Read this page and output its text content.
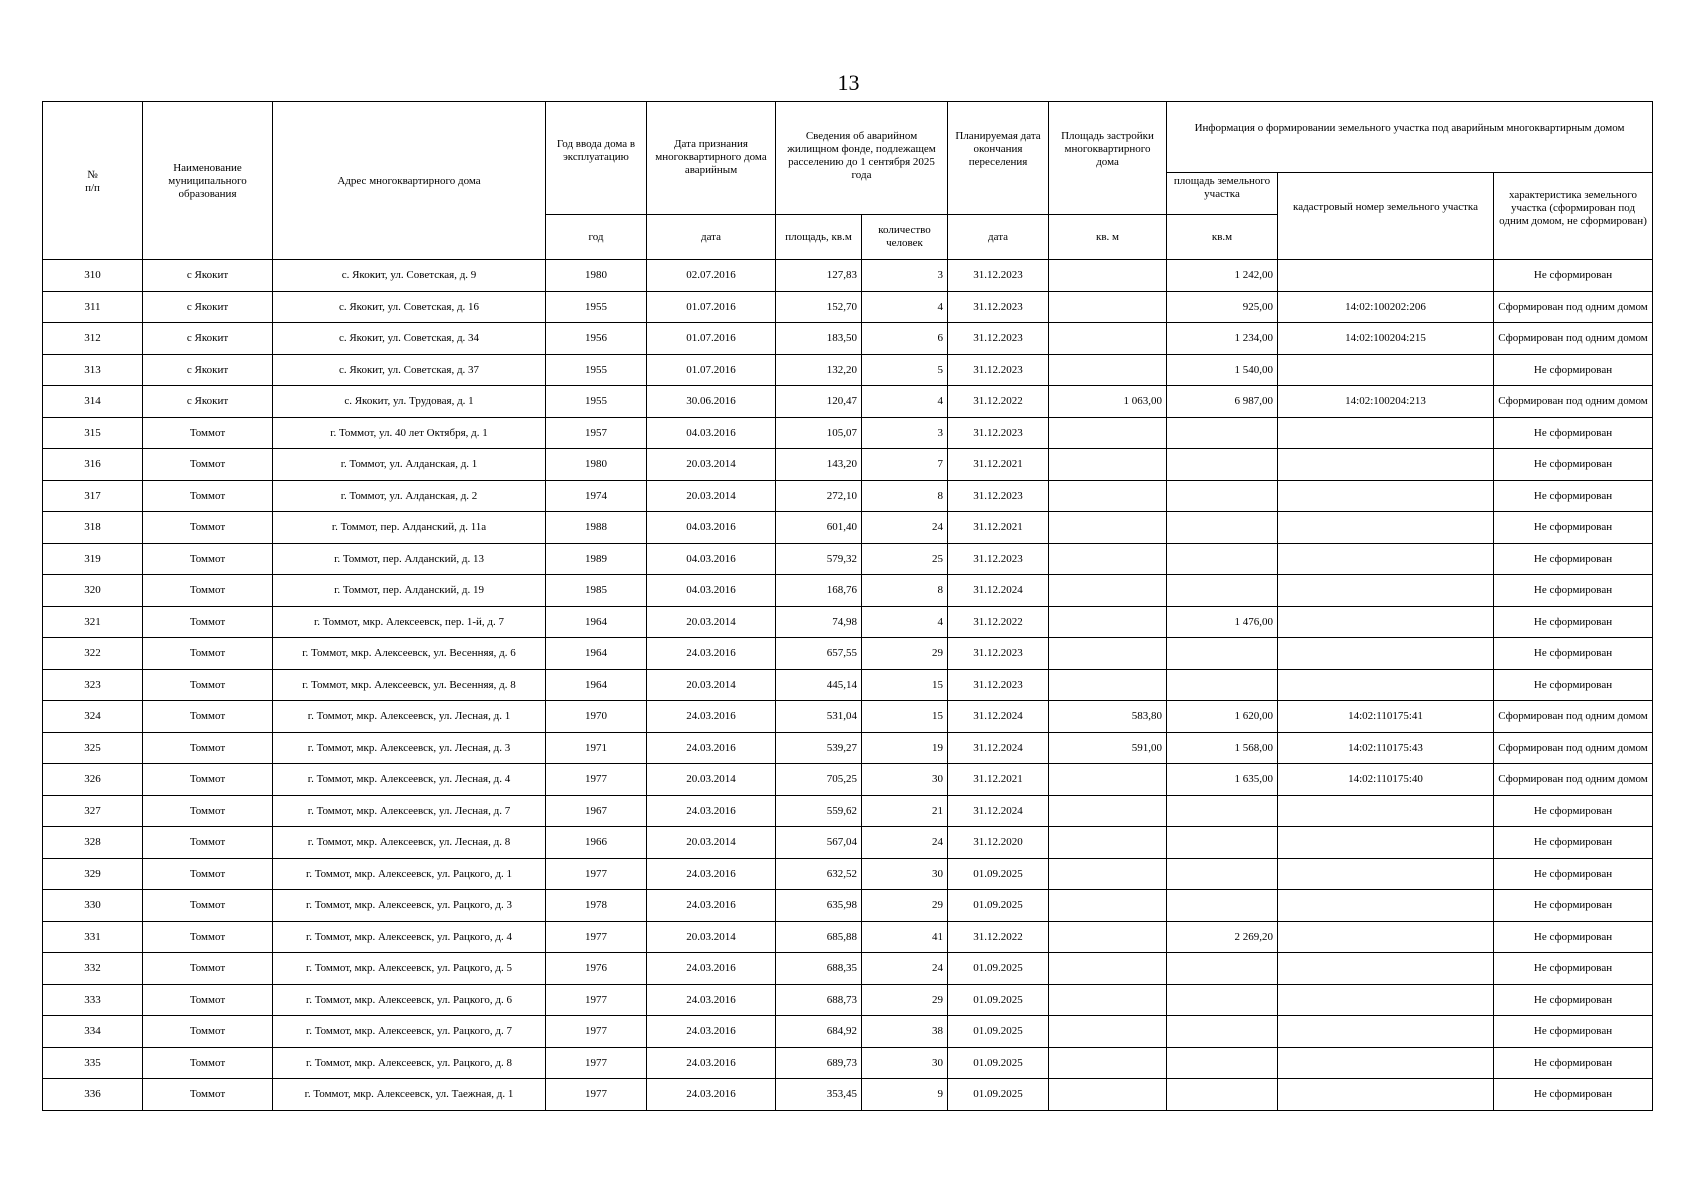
13
№
п/п	Наименование муниципального образования	Адрес многоквартирного дома	Год ввода дома в эксплуатацию	Дата признания многоквартирного дома аварийным	Сведения об аварийном жилищном фонде, подлежащем расселению до 1 сентября 2025 года		Планируемая дата окончания переселения	Площадь застройки многоквартирного дома	Информация о формировании земельного участка под аварийным многоквартирным домом		
									площадь земельного участка	кадастровый номер земельного участка	характеристика земельного участка (сформирован под одним домом, не сформирован)
			год	дата	площадь, кв.м	количество человек	дата	кв. м	кв.м		
310	с Якокит	с. Якокит, ул. Советская, д. 9	1980	02.07.2016	127,83	3	31.12.2023		1 242,00		Не сформирован
311	с Якокит	с. Якокит, ул. Советская, д. 16	1955	01.07.2016	152,70	4	31.12.2023		925,00	14:02:100202:206	Сформирован под одним домом
312	с Якокит	с. Якокит, ул. Советская, д. 34	1956	01.07.2016	183,50	6	31.12.2023		1 234,00	14:02:100204:215	Сформирован под одним домом
313	с Якокит	с. Якокит, ул. Советская, д. 37	1955	01.07.2016	132,20	5	31.12.2023		1 540,00		Не сформирован
314	с Якокит	с. Якокит, ул. Трудовая, д. 1	1955	30.06.2016	120,47	4	31.12.2022	1 063,00	6 987,00	14:02:100204:213	Сформирован под одним домом
315	Томмот	г. Томмот, ул. 40 лет Октября, д. 1	1957	04.03.2016	105,07	3	31.12.2023				Не сформирован
316	Томмот	г. Томмот, ул. Алданская, д. 1	1980	20.03.2014	143,20	7	31.12.2021				Не сформирован
317	Томмот	г. Томмот, ул. Алданская, д. 2	1974	20.03.2014	272,10	8	31.12.2023				Не сформирован
318	Томмот	г. Томмот, пер. Алданский, д. 11а	1988	04.03.2016	601,40	24	31.12.2021				Не сформирован
319	Томмот	г. Томмот, пер. Алданский, д. 13	1989	04.03.2016	579,32	25	31.12.2023				Не сформирован
320	Томмот	г. Томмот, пер. Алданский, д. 19	1985	04.03.2016	168,76	8	31.12.2024				Не сформирован
321	Томмот	г. Томмот, мкр. Алексеевск, пер. 1-й, д. 7	1964	20.03.2014	74,98	4	31.12.2022		1 476,00		Не сформирован
322	Томмот	г. Томмот, мкр. Алексеевск, ул. Весенняя, д. 6	1964	24.03.2016	657,55	29	31.12.2023				Не сформирован
323	Томмот	г. Томмот, мкр. Алексеевск, ул. Весенняя, д. 8	1964	20.03.2014	445,14	15	31.12.2023				Не сформирован
324	Томмот	г. Томмот, мкр. Алексеевск, ул. Лесная, д. 1	1970	24.03.2016	531,04	15	31.12.2024	583,80	1 620,00	14:02:110175:41	Сформирован под одним домом
325	Томмот	г. Томмот, мкр. Алексеевск, ул. Лесная, д. 3	1971	24.03.2016	539,27	19	31.12.2024	591,00	1 568,00	14:02:110175:43	Сформирован под одним домом
326	Томмот	г. Томмот, мкр. Алексеевск, ул. Лесная, д. 4	1977	20.03.2014	705,25	30	31.12.2021		1 635,00	14:02:110175:40	Сформирован под одним домом
327	Томмот	г. Томмот, мкр. Алексеевск, ул. Лесная, д. 7	1967	24.03.2016	559,62	21	31.12.2024				Не сформирован
328	Томмот	г. Томмот, мкр. Алексеевск, ул. Лесная, д. 8	1966	20.03.2014	567,04	24	31.12.2020				Не сформирован
329	Томмот	г. Томмот, мкр. Алексеевск, ул. Рацкого, д. 1	1977	24.03.2016	632,52	30	01.09.2025				Не сформирован
330	Томмот	г. Томмот, мкр. Алексеевск, ул. Рацкого, д. 3	1978	24.03.2016	635,98	29	01.09.2025				Не сформирован
331	Томмот	г. Томмот, мкр. Алексеевск, ул. Рацкого, д. 4	1977	20.03.2014	685,88	41	31.12.2022		2 269,20		Не сформирован
332	Томмот	г. Томмот, мкр. Алексеевск, ул. Рацкого, д. 5	1976	24.03.2016	688,35	24	01.09.2025				Не сформирован
333	Томмот	г. Томмот, мкр. Алексеевск, ул. Рацкого, д. 6	1977	24.03.2016	688,73	29	01.09.2025				Не сформирован
334	Томмот	г. Томмот, мкр. Алексеевск, ул. Рацкого, д. 7	1977	24.03.2016	684,92	38	01.09.2025				Не сформирован
335	Томмот	г. Томмот, мкр. Алексеевск, ул. Рацкого, д. 8	1977	24.03.2016	689,73	30	01.09.2025				Не сформирован
336	Томмот	г. Томмот, мкр. Алексеевск, ул. Таежная, д. 1	1977	24.03.2016	353,45	9	01.09.2025				Не сформирован
